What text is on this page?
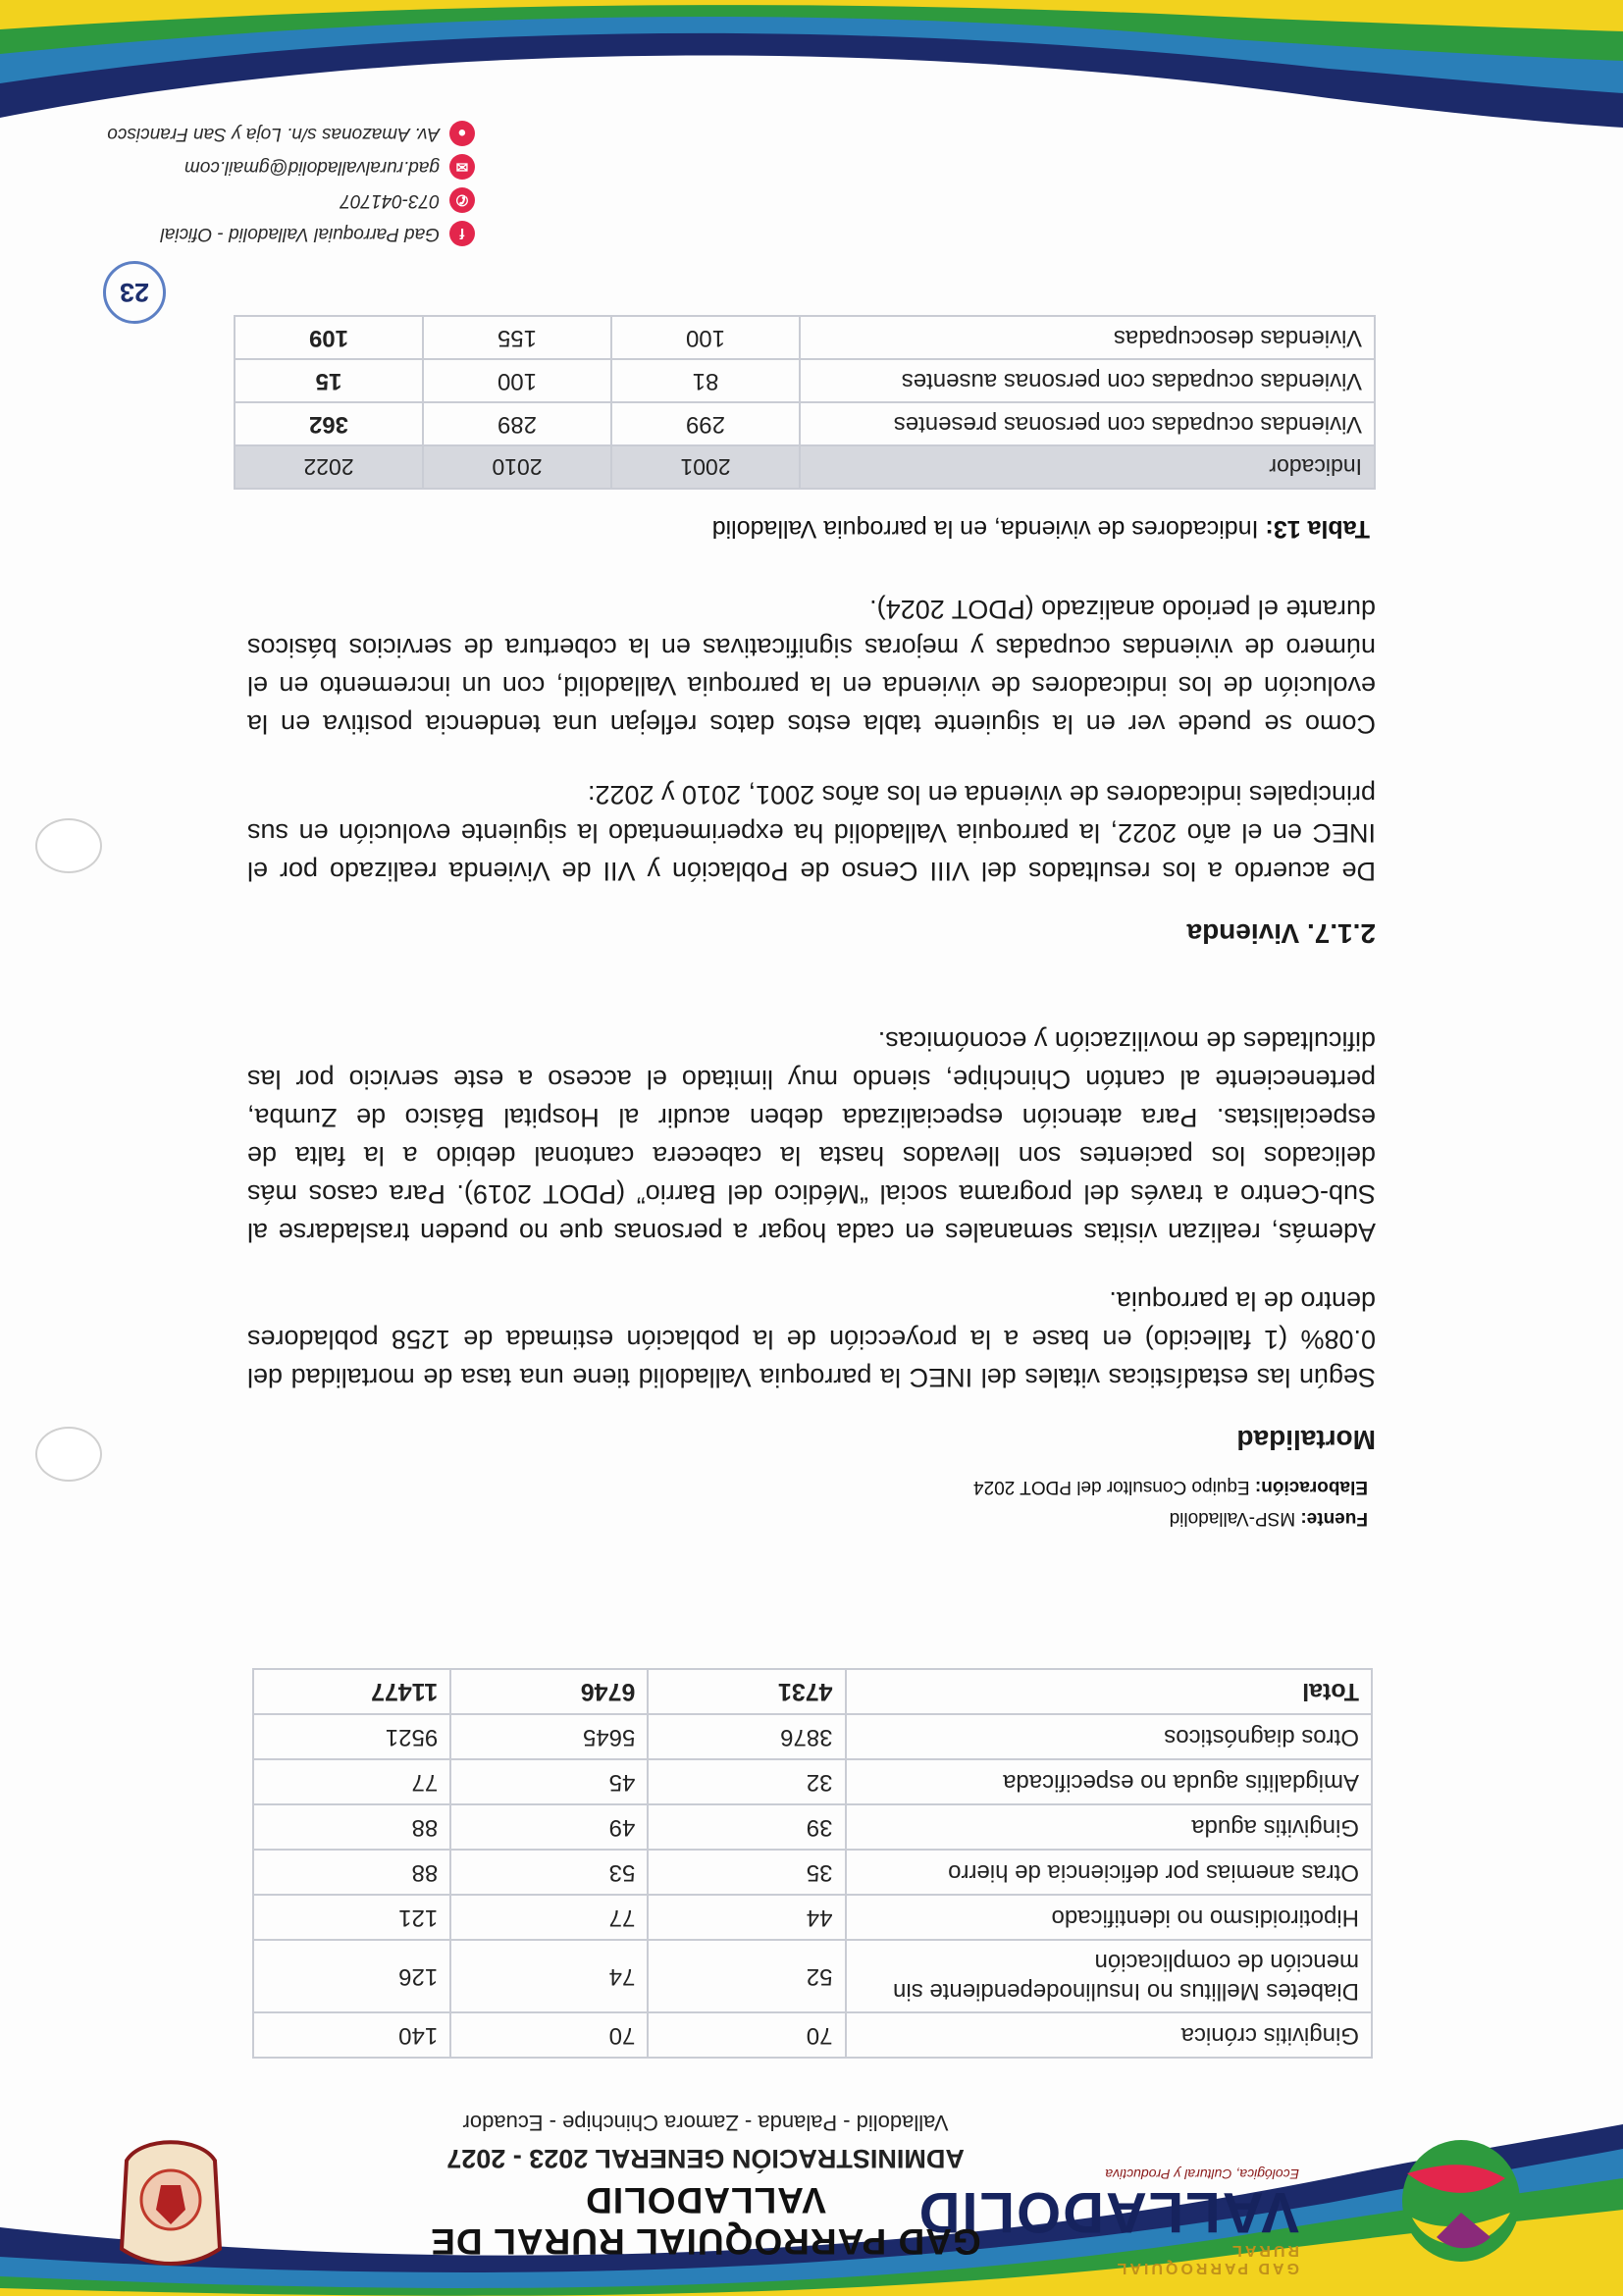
GAD PARROQUIAL RURAL
VALLADOLID
Ecológica, Cultural y Productiva
GAD PARROQUIAL RURAL DE VALLADOLID
ADMINISTRACIÓN GENERAL 2023 - 2027
Valladolid - Palanda - Zamora Chinchipe - Ecuador
Gingivitis crónica	70	70	140
Diabetes Mellitus no Insulinodependiente sin mención de complicación	52	74	126
Hipotiroidismo no identificado	44	77	121
Otras anemias por deficiencia de hierro	35	53	88
Gingivitis aguda	39	49	88
Amigdalitis aguda no especificada	32	45	77
Otros diagnósticos	3876	5645	9521
Total	4731	6746	11477
Fuente: MSP-Valladolid
Elaboración: Equipo Consultor del PDOT 2024
Mortalidad

Según las estadísticas vitales del INEC la parroquia Valladolid tiene una tasa de mortalidad del 0.08% (1 fallecido) en base a la proyección de la población estimada de 1258 pobladores dentro de la parroquia.

Además, realizan visitas semanales en cada hogar a personas que no pueden trasladarse al Sub-Centro a través del programa social “Médico del Barrio” (PDOT 2019). Para casos más delicados los pacientes son llevados hasta la cabecera cantonal debido a la falta de especialistas. Para atención especializada deben acudir al Hospital Básico de Zumba, perteneciente al cantón Chinchipe, siendo muy limitado el acceso a este servicio por las dificultades de movilización y económicas.

2.1.7. Vivienda

De acuerdo a los resultados del VIII Censo de Población y VII de Vivienda realizado por el INEC en el año 2022, la parroquia Valladolid ha experimentado la siguiente evolución en sus principales indicadores de vivienda en los años 2001, 2010 y 2022:

Como se puede ver en la siguiente tabla estos datos reflejan una tendencia positiva en la evolución de los indicadores de vivienda en la parroquia Valladolid, con un incremento en el número de viviendas ocupadas y mejoras significativas en la cobertura de servicios básicos durante el periodo analizado (PDOT 2024).

Tabla 13: Indicadores de vivienda, en la parroquia Valladolid
Indicador	2001	2010	2022
Viviendas ocupadas con personas presentes	299	289	362
Viviendas ocupadas con personas ausentes	81	100	15
Viviendas desocupadas	100	155	109
23
f
Gad Parroquial Valladolid - Oficial
✆
073-041707
✉
gad.ruralvalladolid@gmail.com
●
Av. Amazonas s/n. Loja y San Francisco
